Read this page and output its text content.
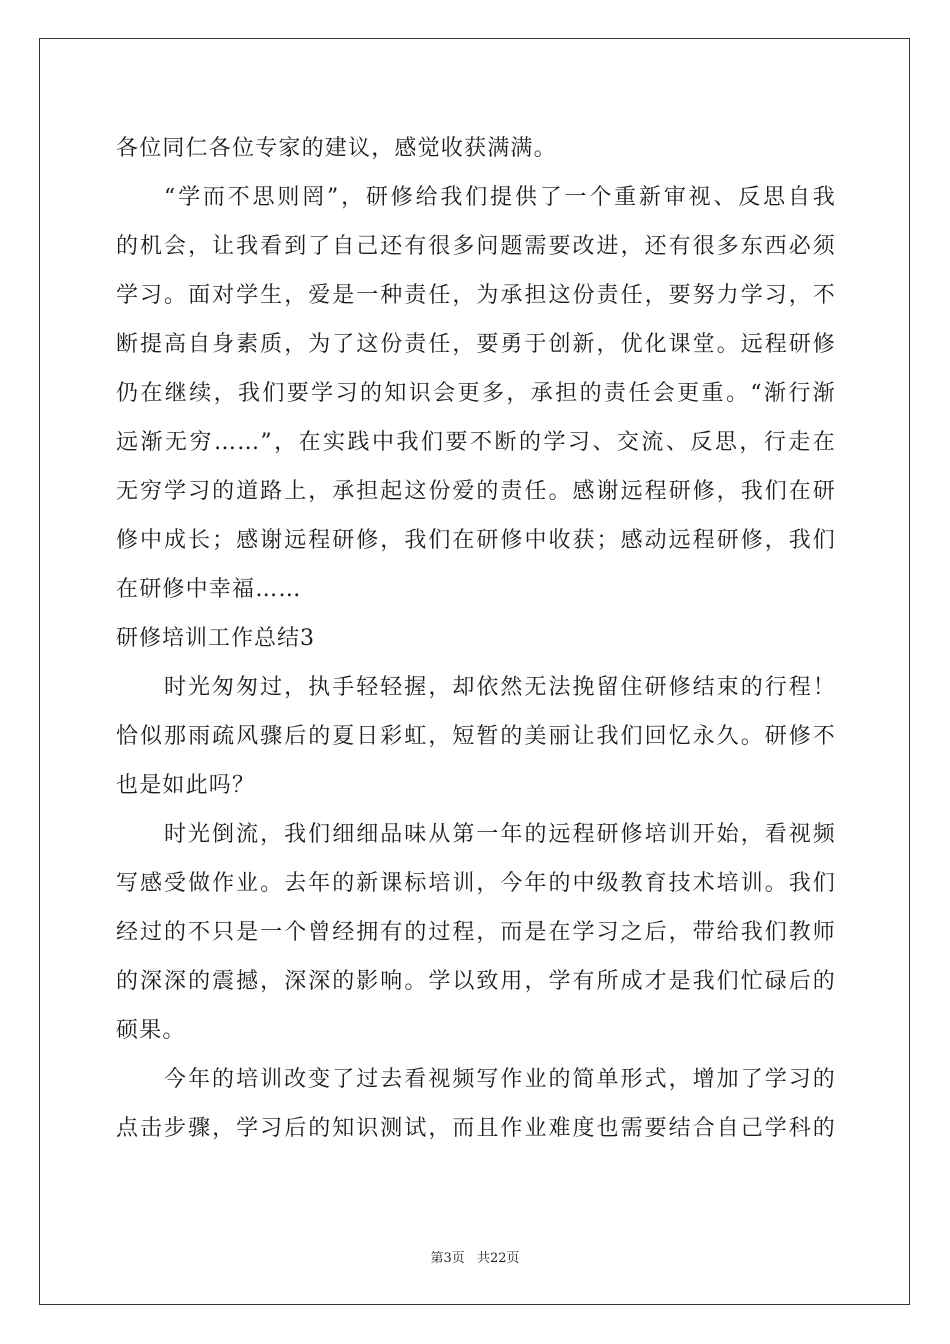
各位同仁各位专家的建议，感觉收获满满。
“学而不思则罔”，研修给我们提供了一个重新审视、反思自我
的机会，让我看到了自己还有很多问题需要改进，还有很多东西必须
学习。面对学生，爱是一种责任，为承担这份责任，要努力学习，不
断提高自身素质，为了这份责任，要勇于创新，优化课堂。远程研修
仍在继续，我们要学习的知识会更多，承担的责任会更重。“渐行渐
远渐无穷……”，在实践中我们要不断的学习、交流、反思，行走在
无穷学习的道路上，承担起这份爱的责任。感谢远程研修，我们在研
修中成长；感谢远程研修，我们在研修中收获；感动远程研修，我们
在研修中幸福……
研修培训工作总结3
时光匆匆过，执手轻轻握，却依然无法挽留住研修结束的行程！
恰似那雨疏风骤后的夏日彩虹，短暂的美丽让我们回忆永久。研修不
也是如此吗？
时光倒流，我们细细品味从第一年的远程研修培训开始，看视频
写感受做作业。去年的新课标培训，今年的中级教育技术培训。我们
经过的不只是一个曾经拥有的过程，而是在学习之后，带给我们教师
的深深的震撼，深深的影响。学以致用，学有所成才是我们忙碌后的
硕果。
今年的培训改变了过去看视频写作业的简单形式，增加了学习的
点击步骤，学习后的知识测试，而且作业难度也需要结合自己学科的
第3页 共22页
